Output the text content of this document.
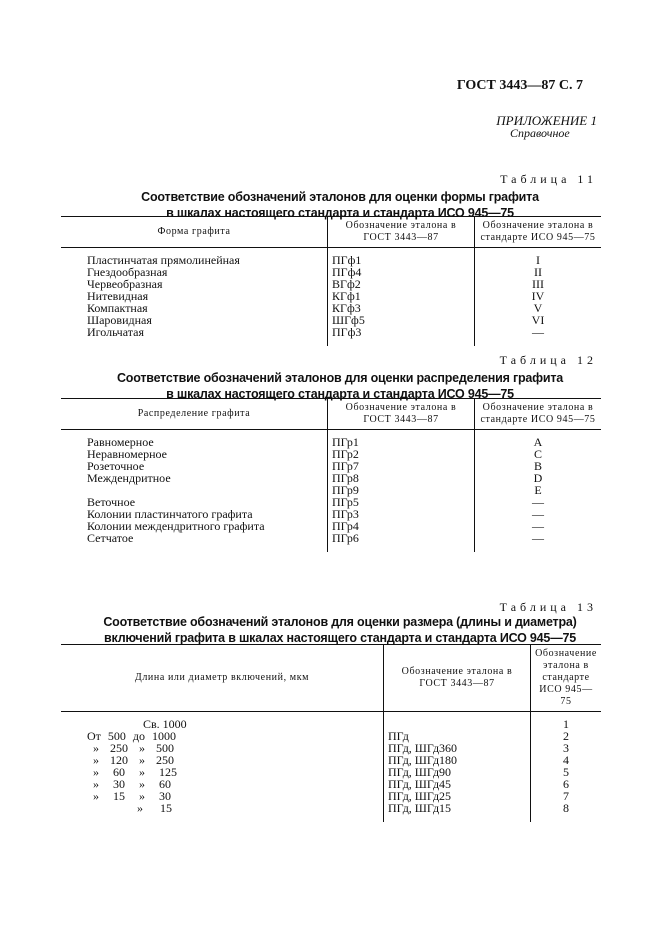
ГОСТ 3443—87 С. 7
ПРИЛОЖЕНИЕ 1
Справочное
Таблица 11
Соответствие обозначений эталонов для оценки формы графита
в шкалах настоящего стандарта и стандарта ИСО 945—75
Форма графита	Обозначение эталона в ГОСТ 3443—87	Обозначение эталона в стандарте ИСО 945—75

Пластинчатая прямолинейная	ПГф1	I
Гнездообразная	ПГф4	II
Червеобразная	ВГф2	III
Нитевидная	КГф1	IV
Компактная	КГф3	V
Шаровидная	ШГф5	VI
Игольчатая	ПГф3	—

Таблица 12
Соответствие обозначений эталонов для оценки распределения графита
в шкалах настоящего стандарта и стандарта ИСО 945—75
Распределение графита	Обозначение эталона в ГОСТ 3443—87	Обозначение эталона в стандарте ИСО 945—75

Равномерное	ПГр1	A
Неравномерное	ПГр2	C
Розеточное	ПГр7	B
Междендритное	ПГр8	D
	ПГр9	E
Веточное	ПГр5	—
Колонии пластинчатого графита	ПГр3	—
Колонии междендритного графита	ПГр4	—
Сетчатое	ПГр6	—

Таблица 13
Соответствие обозначений эталонов для оценки размера (длины и диаметра)
включений графита в шкалах настоящего стандарта и стандарта ИСО 945—75
Длина или диаметр включений, мкм	Обозначение эталона в ГОСТ 3443—87	Обозначение эталона в стандарте ИСО 945—75

Св. 1000		1
От 500 до 1000	ПГд	2
» 250 » 500	ПГд, ШГд360	3
» 120 » 250	ПГд, ШГд180	4
» 60 » 125	ПГд, ШГд90	5
» 30 » 60	ПГд, ШГд45	6
» 15 » 30	ПГд, ШГд25	7
» 15	ПГд, ШГд15	8
